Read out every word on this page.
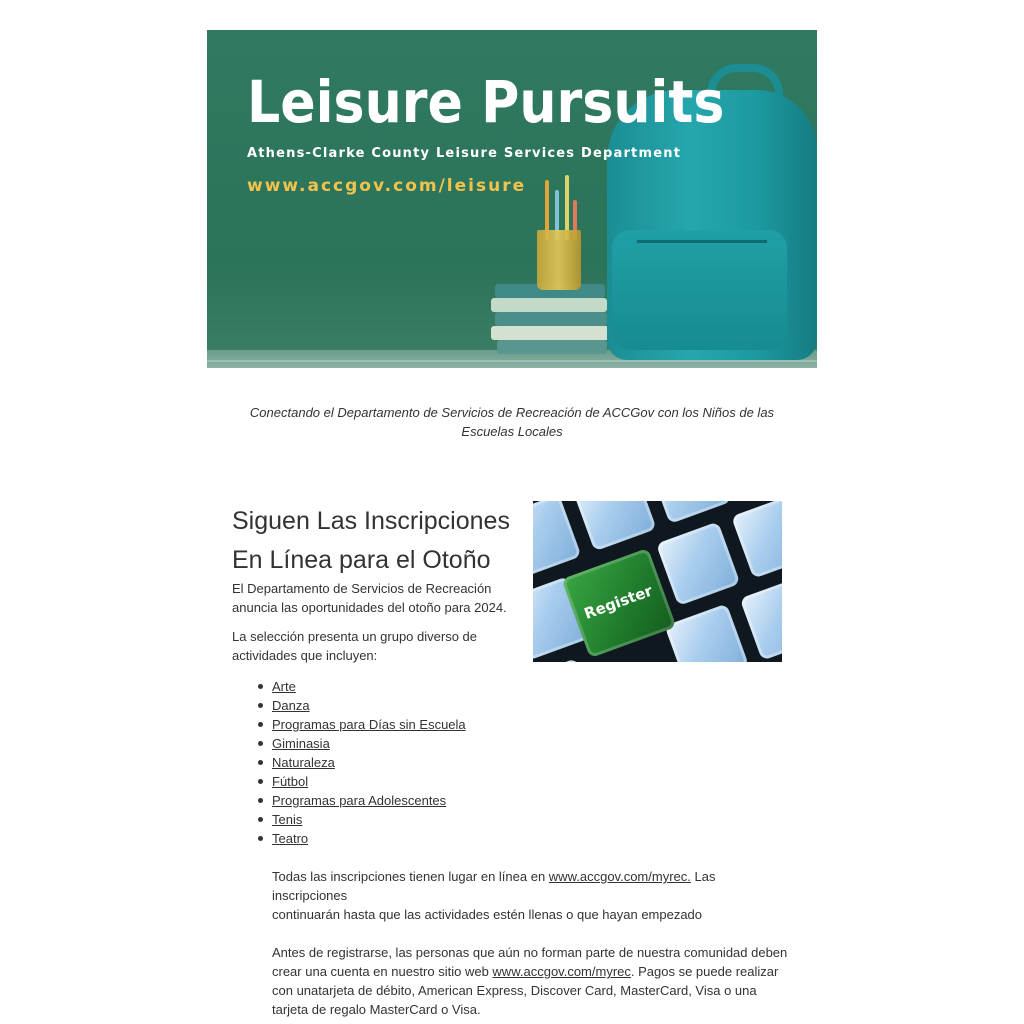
Leisure Pursuits
Athens-Clarke County Leisure Services Department
www.accgov.com/leisure
Conectando el Departamento de Servicios de Recreación de ACCGov con los Niños de las Escuelas Locales
Siguen Las Inscripciones
En Línea para el Otoño

El Departamento de Servicios de Recreación anuncia las oportunidades del otoño para 2024.

La selección presenta un grupo diverso de actividades que incluyen:

Register
Arte
Danza
Programas para Días sin Escuela
Giminasia
Naturaleza
Fútbol
Programas para Adolescentes
Tenis
Teatro
Todas las inscripciones tienen lugar en línea en www.accgov.com/myrec. Las inscripciones
continuarán hasta que las actividades estén llenas o que hayan empezado
Antes de registrarse, las personas que aún no forman parte de nuestra comunidad deben crear una cuenta en nuestro sitio web www.accgov.com/myrec. Pagos se puede realizar con unatarjeta de débito, American Express, Discover Card, MasterCard, Visa o una tarjeta de regalo MasterCard o Visa.
